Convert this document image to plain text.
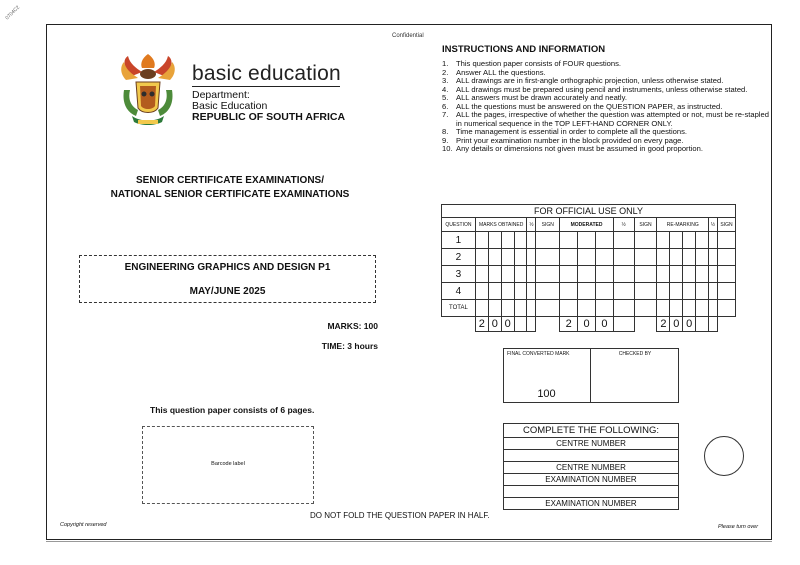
0704C2
Confidential
basic education
Department:
Basic Education
REPUBLIC OF SOUTH AFRICA
SENIOR CERTIFICATE EXAMINATIONS/
NATIONAL SENIOR CERTIFICATE EXAMINATIONS
ENGINEERING GRAPHICS AND DESIGN P1
MAY/JUNE 2025
MARKS: 100
TIME: 3 hours
This question paper consists of 6 pages.
Barcode label
INSTRUCTIONS AND INFORMATION
1.	This question paper consists of FOUR questions.
2.	Answer ALL the questions.
3.	ALL drawings are in first-angle orthographic projection, unless otherwise stated.
4.	ALL drawings must be prepared using pencil and instruments, unless otherwise stated.
5.	ALL answers must be drawn accurately and neatly.
6.	ALL the questions must be answered on the QUESTION PAPER, as instructed.
7.	ALL the pages, irrespective of whether the question was attempted or not, must be re-stapled in numerical sequence in the TOP LEFT-HAND CORNER ONLY.
8.	Time management is essential in order to complete all the questions.
9.	Print your examination number in the block provided on every page.
10. Any details or dimensions not given must be assumed in good proportion.
FOR OFFICIAL USE ONLY																	
QUESTION	MARKS OBTAINED				½	SIGN	MODERATED			½	SIGN	RE-MARKING				½	SIGN
1																	
2																	
3																	
4																	
TOTAL																	
	2	0	0				2	0	0			2	0	0			
FINAL CONVERTED MARK	CHECKED BY
100
COMPLETE THE FOLLOWING:
CENTRE NUMBER

CENTRE NUMBER
EXAMINATION NUMBER

EXAMINATION NUMBER
Copyright reserved
DO NOT FOLD THE QUESTION PAPER IN HALF.
Please turn over
